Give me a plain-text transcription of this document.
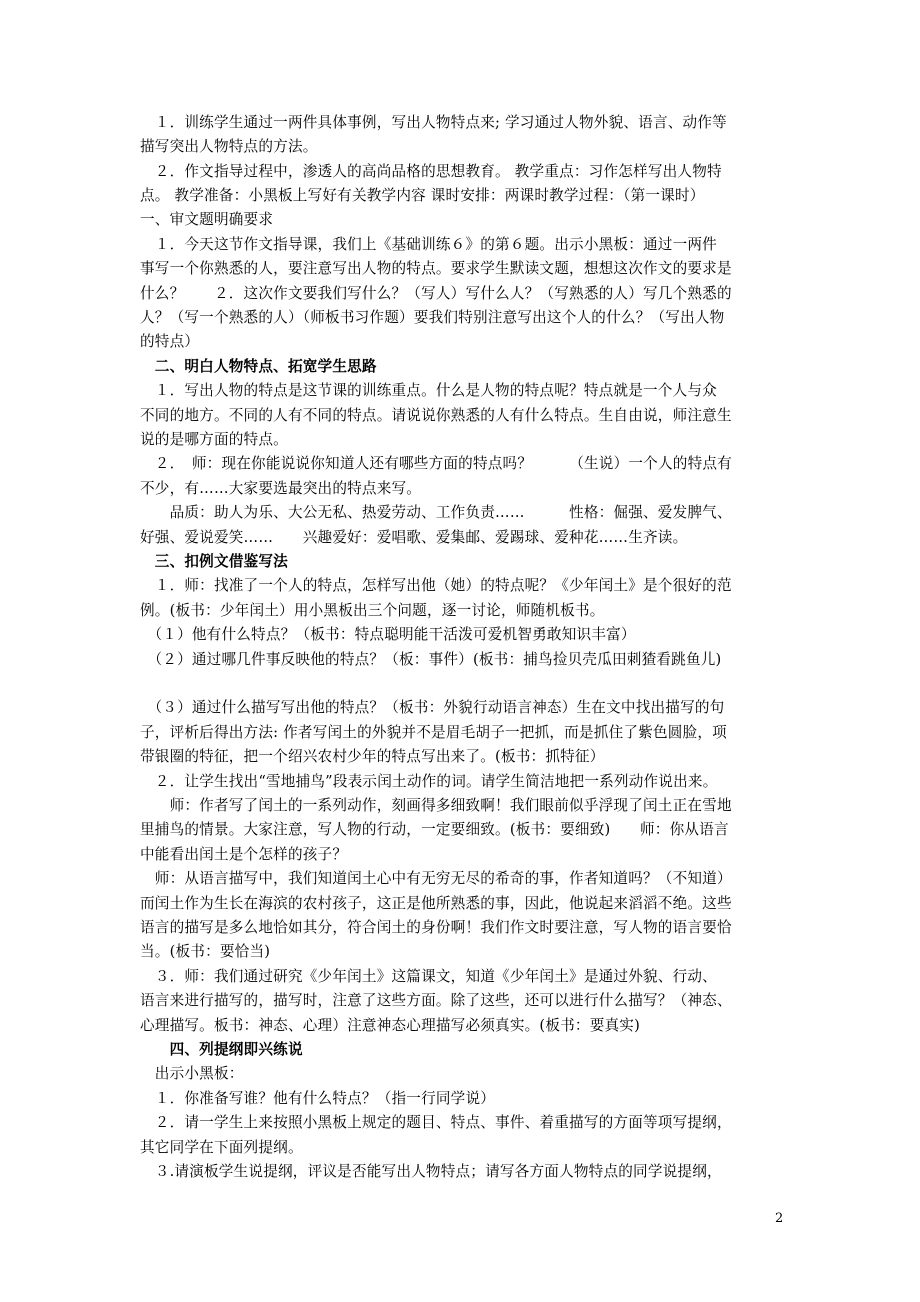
　１．训练学生通过一两件具体事例，写出人物特点来; 学习通过人物外貌、语言、动作等
描写突出人物特点的方法。
　２．作文指导过程中，渗透人的高尚品格的思想教育。 教学重点：习作怎样写出人物特
点。 教学准备：小黑板上写好有关教学内容 课时安排：两课时教学过程：（第一课时）
一、审文题明确要求
　１．今天这节作文指导课，我们上《基础训练６》的第６题。出示小黑板：通过一两件
事写一个你熟悉的人，要注意写出人物的特点。要求学生默读文题，想想这次作文的要求是
什么？　　２．这次作文要我们写什么？（写人）写什么人？（写熟悉的人）写几个熟悉的
人？（写一个熟悉的人）（师板书习作题）要我们特别注意写出这个人的什么？（写出人物
的特点）
　二、明白人物特点、拓宽学生思路
　１．写出人物的特点是这节课的训练重点。什么是人物的特点呢？特点就是一个人与众
不同的地方。不同的人有不同的特点。请说说你熟悉的人有什么特点。生自由说，师注意生
说的是哪方面的特点。
　２．　师：现在你能说说你知道人还有哪些方面的特点吗？　　　（生说）一个人的特点有
不少，有……大家要选最突出的特点来写。
　　品质：助人为乐、大公无私、热爱劳动、工作负责……　　　性格：倔强、爱发脾气、
好强、爱说爱笑……　　兴趣爱好：爱唱歌、爱集邮、爱踢球、爱种花……生齐读。
　三、扣例文借鉴写法
　１．师：找准了一个人的特点，怎样写出他（她）的特点呢？《少年闰土》是个很好的范
例。(板书：少年闰土）用小黑板出三个问题，逐一讨论，师随机板书。
　（１）他有什么特点？（板书：特点聪明能干活泼可爱机智勇敢知识丰富）
　（２）通过哪几件事反映他的特点？（板：事件）(板书：捕鸟捡贝壳瓜田刺猹看跳鱼儿)
　（３）通过什么描写写出他的特点？（板书：外貌行动语言神态）生在文中找出描写的句
子，评析后得出方法: 作者写闰土的外貌并不是眉毛胡子一把抓，而是抓住了紫色圆脸，项
带银圈的特征，把一个绍兴农村少年的特点写出来了。(板书：抓特征）
　２．让学生找出“雪地捕鸟”段表示闰土动作的词。请学生简洁地把一系列动作说出来。
　　师：作者写了闰土的一系列动作，刻画得多细致啊！我们眼前似乎浮现了闰土正在雪地
里捕鸟的情景。大家注意，写人物的行动，一定要细致。(板书：要细致)　　师：你从语言
中能看出闰土是个怎样的孩子？
　师：从语言描写中，我们知道闰土心中有无穷无尽的希奇的事，作者知道吗？（不知道）
而闰土作为生长在海滨的农村孩子，这正是他所熟悉的事，因此，他说起来滔滔不绝。这些
语言的描写是多么地恰如其分，符合闰土的身份啊！我们作文时要注意，写人物的语言要恰
当。(板书：要恰当)
　３．师：我们通过研究《少年闰土》这篇课文，知道《少年闰土》是通过外貌、行动、
语言来进行描写的，描写时，注意了这些方面。除了这些，还可以进行什么描写？（神态、
心理描写。板书：神态、心理）注意神态心理描写必须真实。(板书：要真实)
　　四、列提纲即兴练说
　出示小黑板：
　１．你准备写谁？他有什么特点？（指一行同学说）
　２．请一学生上来按照小黑板上规定的题目、特点、事件、着重描写的方面等项写提纲，
其它同学在下面列提纲。
　３.请演板学生说提纲，评议是否能写出人物特点；请写各方面人物特点的同学说提纲，
2
